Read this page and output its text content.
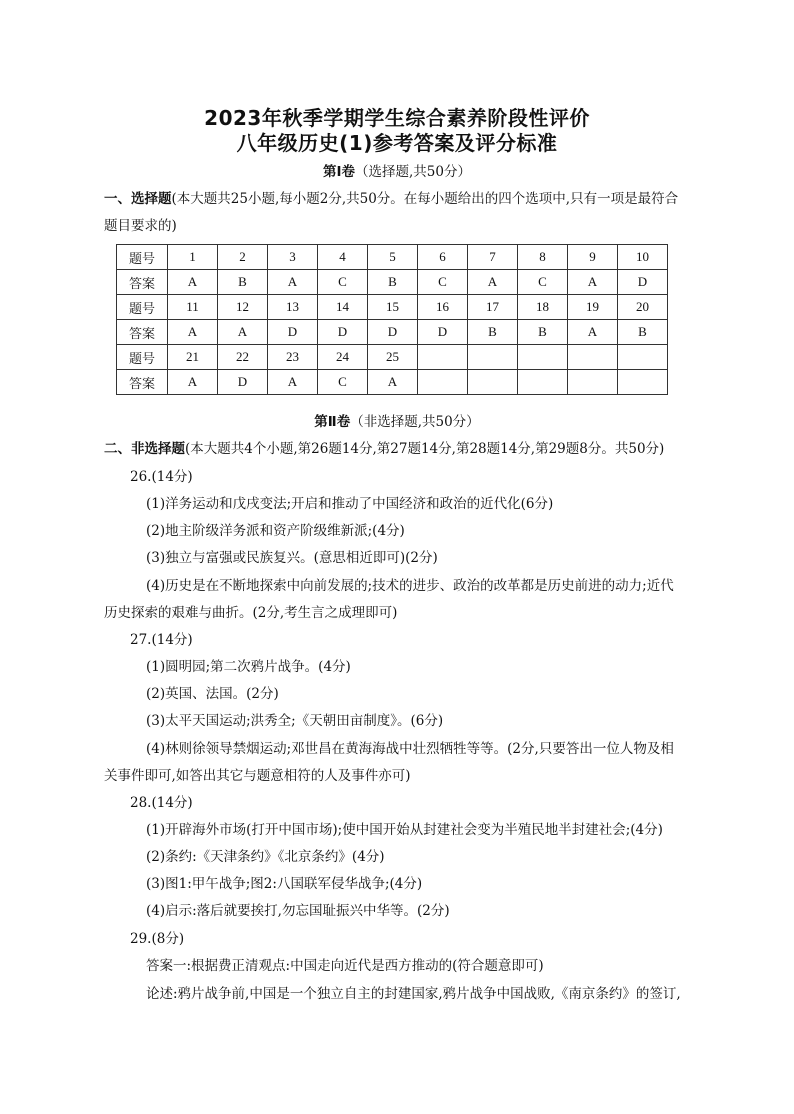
2023年秋季学期学生综合素养阶段性评价
八年级历史(1)参考答案及评分标准
第Ⅰ卷（选择题,共50分）
一、选择题(本大题共25小题,每小题2分,共50分。在每小题给出的四个选项中,只有一项是最符合
题目要求的)
题号	1	2	3	4	5	6	7	8	9	10
答案	A	B	A	C	B	C	A	C	A	D
题号	11	12	13	14	15	16	17	18	19	20
答案	A	A	D	D	D	D	B	B	A	B
题号	21	22	23	24	25					
答案	A	D	A	C	A					
第Ⅱ卷（非选择题,共50分）
二、非选择题(本大题共4个小题,第26题14分,第27题14分,第28题14分,第29题8分。共50分)
26.(14分)
(1)洋务运动和戊戌变法;开启和推动了中国经济和政治的近代化(6分)
(2)地主阶级洋务派和资产阶级维新派;(4分)
(3)独立与富强或民族复兴。(意思相近即可)(2分)
(4)历史是在不断地探索中向前发展的;技术的进步、政治的改革都是历史前进的动力;近代
历史探索的艰难与曲折。(2分,考生言之成理即可)
27.(14分)
(1)圆明园;第二次鸦片战争。(4分)
(2)英国、法国。(2分)
(3)太平天国运动;洪秀全;《天朝田亩制度》。(6分)
(4)林则徐领导禁烟运动;邓世昌在黄海海战中壮烈牺牲等等。(2分,只要答出一位人物及相
关事件即可,如答出其它与题意相符的人及事件亦可)
28.(14分)
(1)开辟海外市场(打开中国市场);使中国开始从封建社会变为半殖民地半封建社会;(4分)
(2)条约:《天津条约》《北京条约》(4分)
(3)图1:甲午战争;图2:八国联军侵华战争;(4分)
(4)启示:落后就要挨打,勿忘国耻振兴中华等。(2分)
29.(8分)
答案一:根据费正清观点:中国走向近代是西方推动的(符合题意即可)
论述:鸦片战争前,中国是一个独立自主的封建国家,鸦片战争中国战败,《南京条约》的签订,
